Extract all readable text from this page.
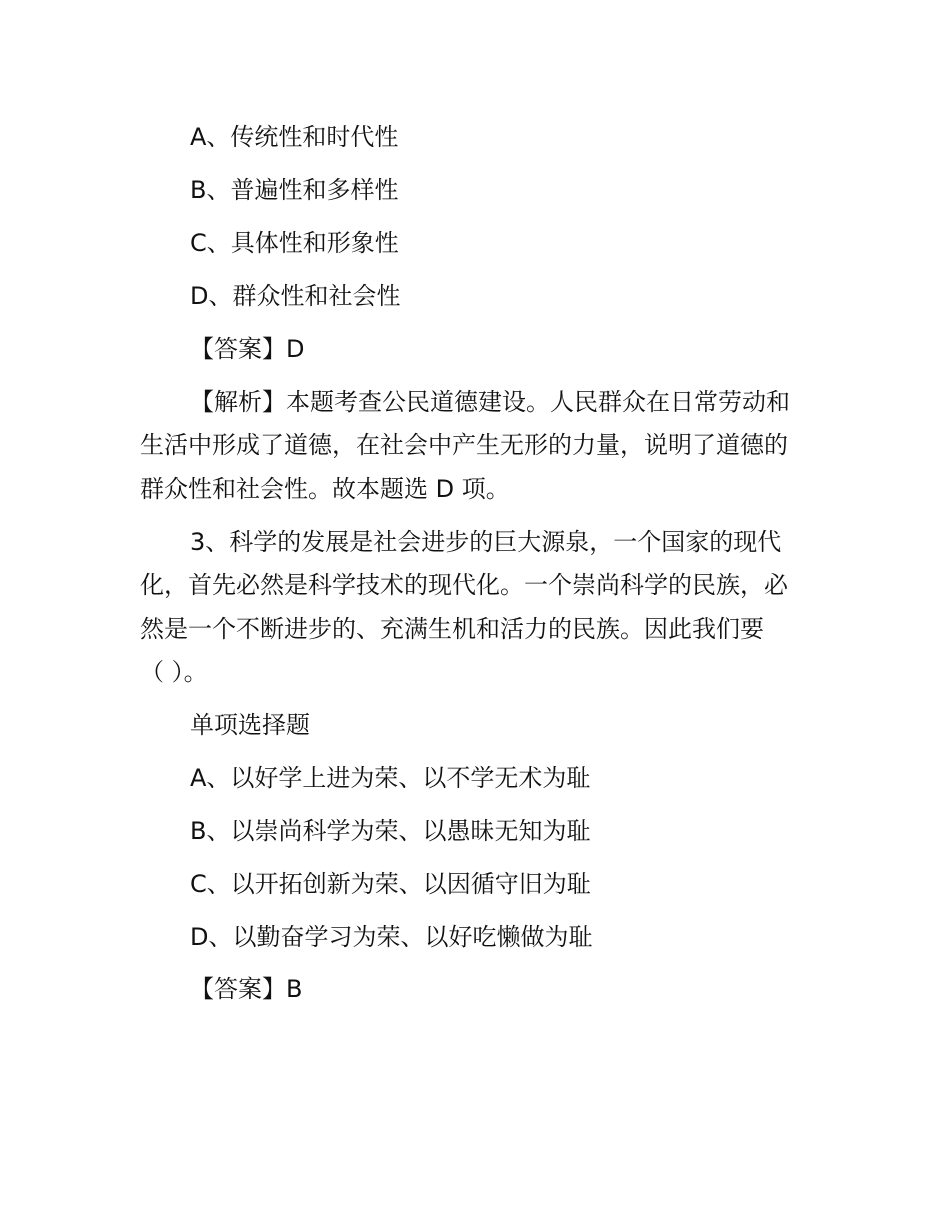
A、传统性和时代性
B、普遍性和多样性
C、具体性和形象性
D、群众性和社会性
【答案】D
【解析】本题考查公民道德建设。人民群众在日常劳动和
生活中形成了道德，在社会中产生无形的力量，说明了道德的
群众性和社会性。故本题选 D 项。
3、科学的发展是社会进步的巨大源泉，一个国家的现代
化，首先必然是科学技术的现代化。一个崇尚科学的民族，必
然是一个不断进步的、充满生机和活力的民族。因此我们要
（ ）。
单项选择题
A、以好学上进为荣、以不学无术为耻
B、以崇尚科学为荣、以愚昧无知为耻
C、以开拓创新为荣、以因循守旧为耻
D、以勤奋学习为荣、以好吃懒做为耻
【答案】B
